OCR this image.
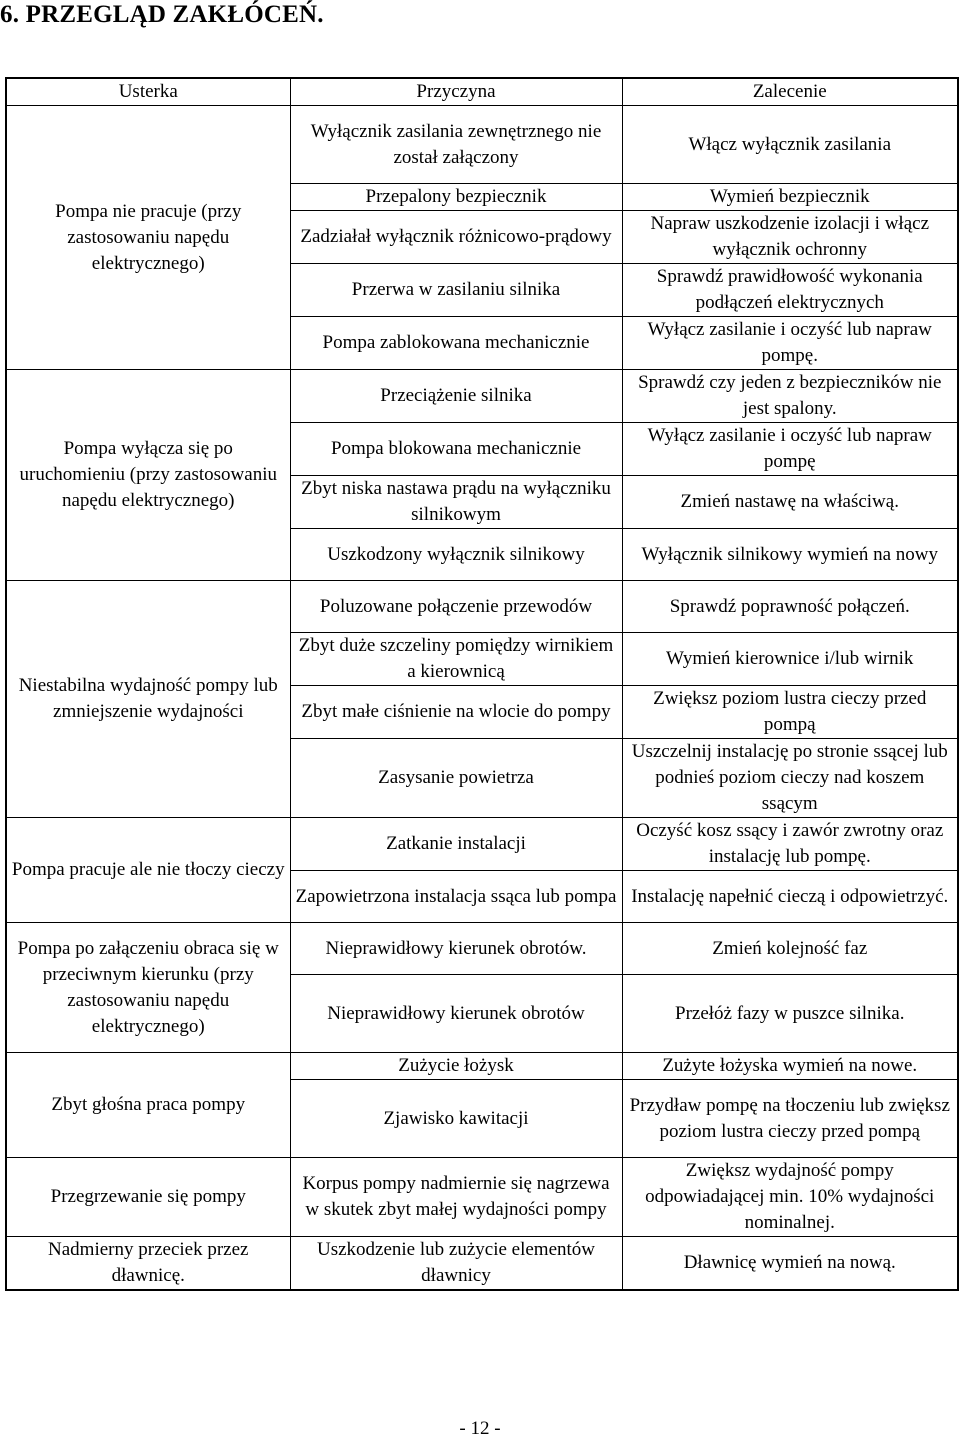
6. PRZEGLĄD ZAKŁÓCEŃ.
Usterka	Przyczyna	Zalecenie
Pompa nie pracuje (przy zastosowaniu napędu elektrycznego)	Wyłącznik zasilania zewnętrznego nie został załączony	Włącz wyłącznik zasilania
	Przepalony bezpiecznik	Wymień bezpiecznik
	Zadziałał wyłącznik różnicowo-prądowy	Napraw uszkodzenie izolacji i włącz wyłącznik ochronny
	Przerwa w zasilaniu silnika	Sprawdź prawidłowość wykonania podłączeń elektrycznych
	Pompa zablokowana mechanicznie	Wyłącz zasilanie i oczyść lub napraw pompę.
Pompa wyłącza się po uruchomieniu (przy zastosowaniu napędu elektrycznego)	Przeciążenie silnika	Sprawdź czy jeden z bezpieczników nie jest spalony.
	Pompa blokowana mechanicznie	Wyłącz zasilanie i oczyść lub napraw pompę
	Zbyt niska nastawa prądu na wyłączniku silnikowym	Zmień nastawę na właściwą.
	Uszkodzony wyłącznik silnikowy	Wyłącznik silnikowy wymień na nowy
Niestabilna wydajność pompy lub zmniejszenie wydajności	Poluzowane połączenie przewodów	Sprawdź poprawność połączeń.
	Zbyt duże szczeliny pomiędzy wirnikiem a kierownicą	Wymień kierownice i/lub wirnik
	Zbyt małe ciśnienie na wlocie do pompy	Zwiększ poziom lustra cieczy przed pompą
	Zasysanie powietrza	Uszczelnij instalację po stronie ssącej lub podnieś poziom cieczy nad koszem ssącym
Pompa pracuje ale nie tłoczy cieczy	Zatkanie instalacji	Oczyść kosz ssący i zawór zwrotny oraz instalację lub pompę.
	Zapowietrzona instalacja ssąca lub pompa	Instalację napełnić cieczą i odpowietrzyć.
Pompa po załączeniu obraca się w przeciwnym kierunku (przy zastosowaniu napędu elektrycznego)	Nieprawidłowy kierunek obrotów.	Zmień kolejność faz
	Nieprawidłowy kierunek obrotów	Przełóż fazy w puszce silnika.
Zbyt głośna praca pompy	Zużycie łożysk	Zużyte łożyska wymień na nowe.
	Zjawisko kawitacji	Przydław pompę na tłoczeniu lub zwiększ poziom lustra cieczy przed pompą
Przegrzewanie się pompy	Korpus pompy nadmiernie się nagrzewa w skutek zbyt małej wydajności pompy	Zwiększ wydajność pompy odpowiadającej min. 10% wydajności nominalnej.
Nadmierny przeciek przez dławnicę.	Uszkodzenie lub zużycie elementów dławnicy	Dławnicę wymień na nową.
- 12 -
